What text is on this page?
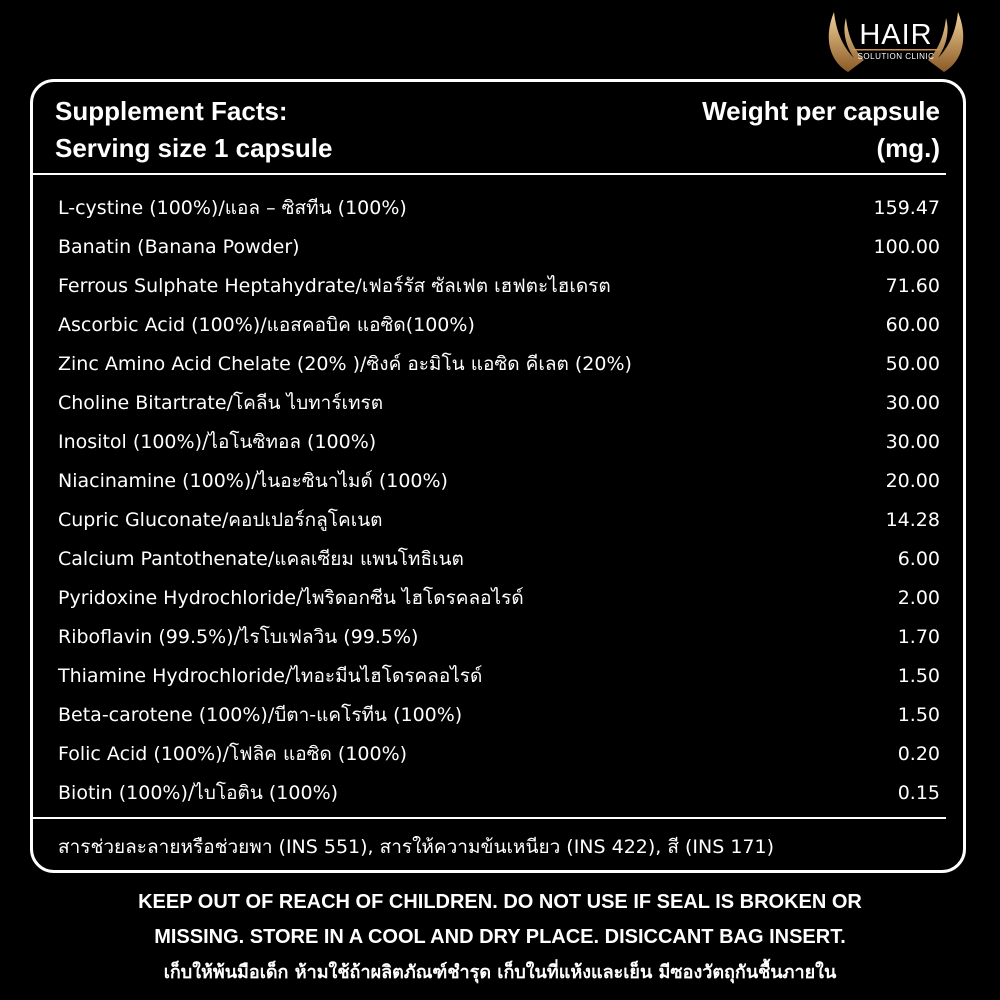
HAIR
SOLUTION CLINIC
Supplement Facts:
Serving size 1 capsule
Weight per capsule
(mg.)
L-cystine (100%)/แอล – ซิสทีน (100%)	159.47
Banatin (Banana Powder)	100.00
Ferrous Sulphate Heptahydrate/เฟอร์รัส ซัลเฟต เฮฟตะไฮเดรต	71.60
Ascorbic Acid (100%)/แอสคอบิค แอซิด(100%)	60.00
Zinc Amino Acid Chelate (20% )/ซิงค์ อะมิโน แอซิด คีเลต (20%)	50.00
Choline Bitartrate/โคลีน ไบทาร์เทรต	30.00
Inositol (100%)/ไอโนซิทอล (100%)	30.00
Niacinamine (100%)/ไนอะซินาไมด์ (100%)	20.00
Cupric Gluconate/คอปเปอร์กลูโคเนต	14.28
Calcium Pantothenate/แคลเซียม แพนโทธิเนต	6.00
Pyridoxine Hydrochloride/ไพริดอกซีน ไฮโดรคลอไรด์	2.00
Riboflavin (99.5%)/ไรโบเฟลวิน (99.5%)	1.70
Thiamine Hydrochloride/ไทอะมีนไฮโดรคลอไรด์	1.50
Beta-carotene (100%)/บีตา-แคโรทีน (100%)	1.50
Folic Acid (100%)/โฟลิค แอซิด (100%)	0.20
Biotin (100%)/ไบโอติน (100%)	0.15
สารช่วยละลายหรือช่วยพา (INS 551), สารให้ความข้นเหนียว (INS 422), สี (INS 171)
KEEP OUT OF REACH OF CHILDREN. DO NOT USE IF SEAL IS BROKEN OR
MISSING. STORE IN A COOL AND DRY PLACE. DISICCANT BAG INSERT.
เก็บให้พ้นมือเด็ก ห้ามใช้ถ้าผลิตภัณฑ์ชำรุด เก็บในที่แห้งและเย็น มีซองวัตถุกันชื้นภายใน
